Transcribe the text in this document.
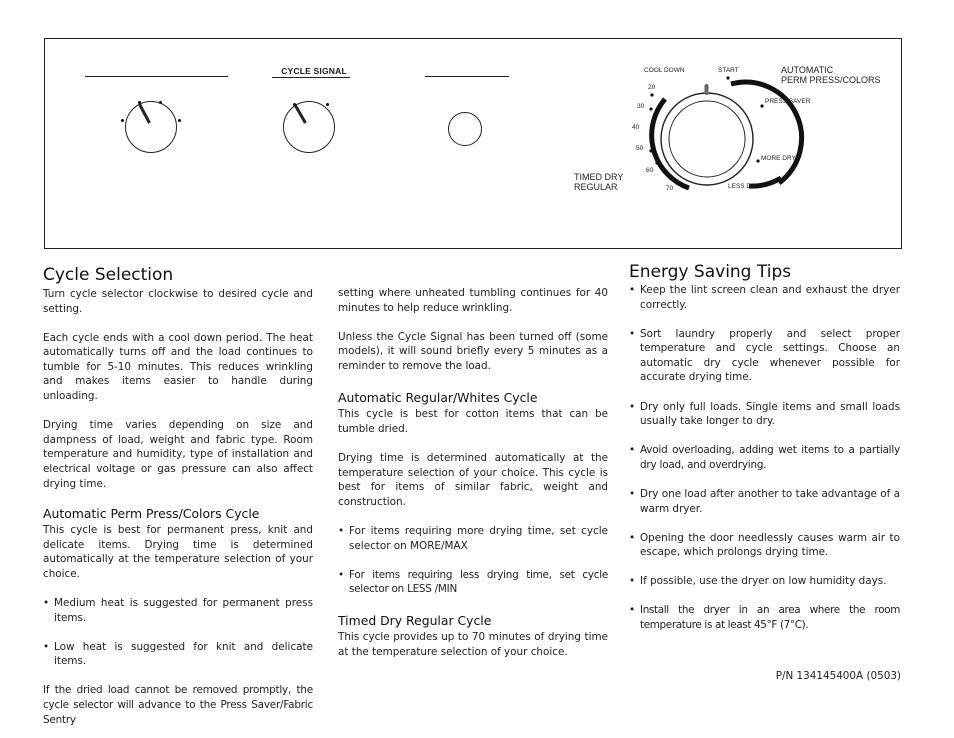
CYCLE SIGNAL	COOL DOWN	START	AUTOMATIC
PERM PRESS/COLORS
PRESS SAVER
MORE DRY
LESS DRY
TIMED DRY
REGULAR
20
30
40
50
60
70
Cycle Selection

Turn cycle selector clockwise to desired cycle and setting.

Each cycle ends with a cool down period. The heat automatically turns off and the load continues to tumble for 5-10 minutes. This reduces wrinkling and makes items easier to handle during unloading.

Drying time varies depending on size and dampness of load, weight and fabric type. Room temperature and humidity, type of installation and electrical voltage or gas pressure can also affect drying time.

Automatic Perm Press/Colors Cycle

This cycle is best for permanent press, knit and delicate items. Drying time is determined automatically at the temperature selection of your choice.

• Medium heat is suggested for permanent press items.
• Low heat is suggested for knit and delicate items.

If the dried load cannot be removed promptly, the cycle selector will advance to the Press Saver/Fabric Sentry

setting where unheated tumbling continues for 40 minutes to help reduce wrinkling.

Unless the Cycle Signal has been turned off (some models), it will sound briefly every 5 minutes as a reminder to remove the load.

Automatic Regular/Whites Cycle

This cycle is best for cotton items that can be tumble dried.

Drying time is determined automatically at the temperature selection of your choice. This cycle is best for items of similar fabric, weight and construction.

• For items requiring more drying time, set cycle selector on MORE/MAX
• For items requiring less drying time, set cycle selector on LESS /MIN
Timed Dry Regular Cycle

This cycle provides up to 70 minutes of drying time at the temperature selection of your choice.

Energy Saving Tips
• Keep the lint screen clean and exhaust the dryer correctly.
• Sort laundry properly and select proper temperature and cycle settings. Choose an automatic dry cycle whenever possible for accurate drying time.
• Dry only full loads. Single items and small loads usually take longer to dry.
• Avoid overloading, adding wet items to a partially dry load, and overdrying.
• Dry one load after another to take advantage of a warm dryer.
• Opening the door needlessly causes warm air to escape, which prolongs drying time.
• If possible, use the dryer on low humidity days.
• Install the dryer in an area where the room temperature is at least 45°F (7°C).
P/N 134145400A (0503)
